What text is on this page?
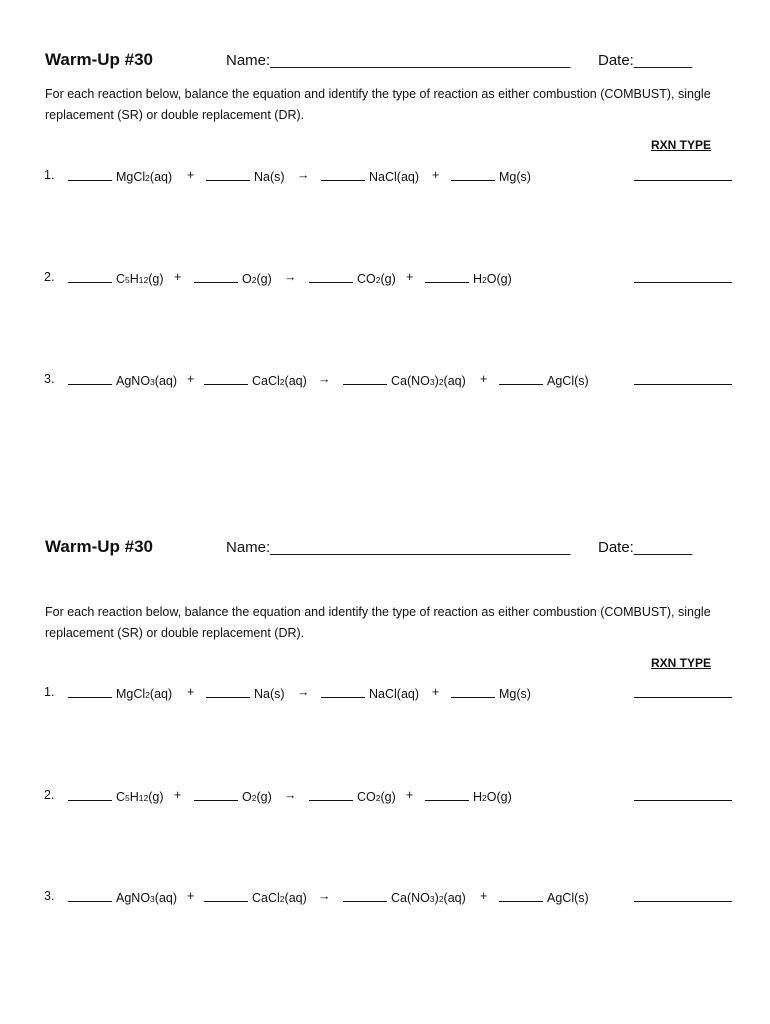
Warm-Up #30	Name:____________________________________ Date:_______
For each reaction below, balance the equation and identify the type of reaction as either combustion (COMBUST), single replacement (SR) or double replacement (DR).
RXN TYPE
1.	MgCl 2 (aq) +	Na (s) →	NaCl (aq) +	Mg (s)
2.	C 5 H 12 (g) +	O 2 (g) →	CO 2 (g) +	H 2 O (g)
3.	AgNO 3 (aq) +	CaCl 2 (aq) →	Ca(NO 3 ) 2 (aq) +	AgCl (s)
Warm-Up #30	Name:____________________________________ Date:_______
For each reaction below, balance the equation and identify the type of reaction as either combustion (COMBUST), single replacement (SR) or double replacement (DR).
RXN TYPE
1.	MgCl 2 (aq) +	Na (s) →	NaCl (aq) +	Mg (s)
2.	C 5 H 12 (g) +	O 2 (g) →	CO 2 (g) +	H 2 O (g)
3.	AgNO 3 (aq) +	CaCl 2 (aq) →	Ca(NO 3 ) 2 (aq) +	AgCl (s)
